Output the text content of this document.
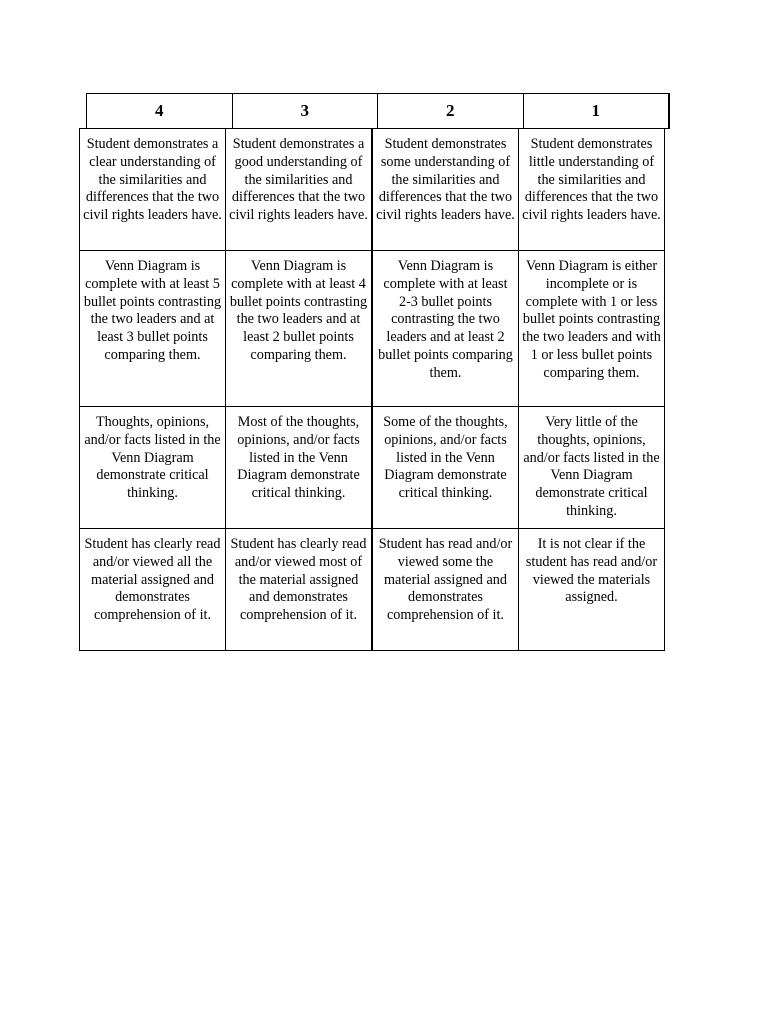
4	3	2	1
Student demonstrates a clear understanding of the similarities and differences that the two civil rights leaders have.	Student demonstrates a good understanding of the similarities and differences that the two civil rights leaders have.	Student demonstrates some understanding of the similarities and differences that the two civil rights leaders have.	Student demonstrates little understanding of the similarities and differences that the two civil rights leaders have.
Venn Diagram is complete with at least 5 bullet points contrasting the two leaders and at least 3 bullet points comparing them.	Venn Diagram is complete with at least 4 bullet points contrasting the two leaders and at least 2 bullet points comparing them.	Venn Diagram is complete with at least 2-3 bullet points contrasting the two leaders and at least 2 bullet points comparing them.	Venn Diagram is either incomplete or is complete with 1 or less bullet points contrasting the two leaders and with 1 or less bullet points comparing them.
Thoughts, opinions, and/or facts listed in the Venn Diagram demonstrate critical thinking.	Most of the thoughts, opinions, and/or facts listed in the Venn Diagram demonstrate critical thinking.	Some of the thoughts, opinions, and/or facts listed in the Venn Diagram demonstrate critical thinking.	Very little of the thoughts, opinions, and/or facts listed in the Venn Diagram demonstrate critical thinking.
Student has clearly read and/or viewed all the material assigned and demonstrates comprehension of it.	Student has clearly read and/or viewed most of the material assigned and demonstrates comprehension of it.	Student has read and/or viewed some the material assigned and demonstrates comprehension of it.	It is not clear if the student has read and/or viewed the materials assigned.
